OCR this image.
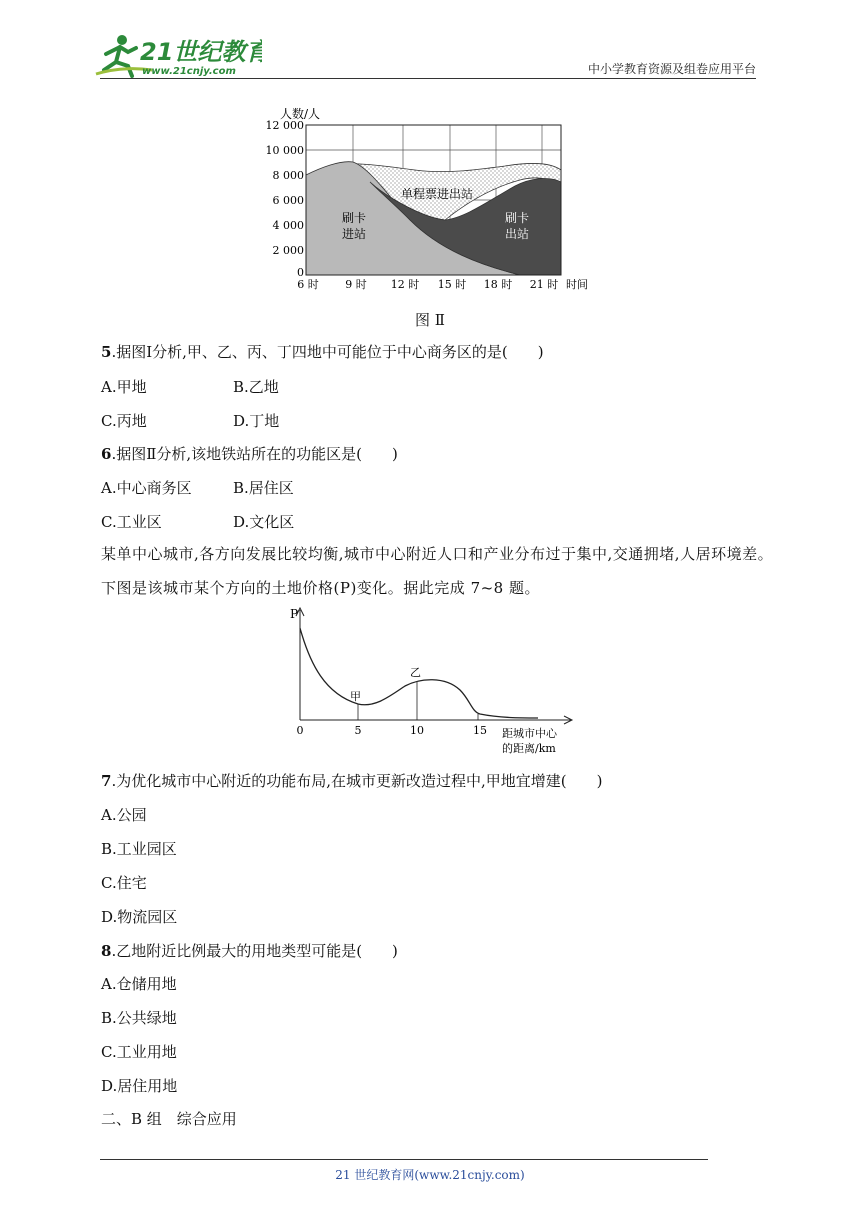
21世纪教育
www.21cnjy.com	中小学教育资源及组卷应用平台
人数/人
12 000
10 000
8 000
6 000
4 000
2 000
0
6 时 9 时 12 时 15 时 18 时 21 时 时间
刷卡
进站
刷卡
出站
单程票进出站
图 Ⅱ
5.据图Ⅰ分析,甲、乙、丙、丁四地中可能位于中心商务区的是(　　)
A.甲地	B.乙地
C.丙地	D.丁地
6.据图Ⅱ分析,该地铁站所在的功能区是(　　)
A.中心商务区	B.居住区
C.工业区	D.文化区
某单中心城市,各方向发展比较均衡,城市中心附近人口和产业分布过于集中,交通拥堵,人居环境差。下图是该城市某个方向的土地价格(P)变化。据此完成 7~8 题。
P
甲
乙
0	5	10	15 距城市中心
的距离/km
7.为优化城市中心附近的功能布局,在城市更新改造过程中,甲地宜增建(　　)
A.公园
B.工业园区
C.住宅
D.物流园区
8.乙地附近比例最大的用地类型可能是(　　)
A.仓储用地
B.公共绿地
C.工业用地
D.居住用地
二、B 组　综合应用
21 世纪教育网(www.21cnjy.com)
